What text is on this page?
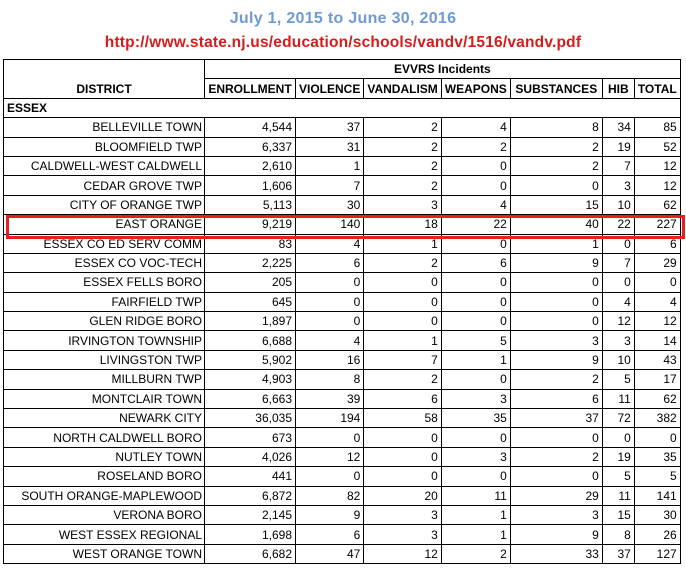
July 1, 2015 to June 30, 2016
http://www.state.nj.us/education/schools/vandv/1516/vandv.pdf
DISTRICT	EVVRS Incidents						
	ENROLLMENT	VIOLENCE	VANDALISM	WEAPONS	SUBSTANCES	HIB	TOTAL
ESSEX							
BELLEVILLE TOWN	4,544	37	2	4	8	34	85
BLOOMFIELD TWP	6,337	31	2	2	2	19	52
CALDWELL-WEST CALDWELL	2,610	1	2	0	2	7	12
CEDAR GROVE TWP	1,606	7	2	0	0	3	12
CITY OF ORANGE TWP	5,113	30	3	4	15	10	62
EAST ORANGE	9,219	140	18	22	40	22	227
ESSEX CO ED SERV COMM	83	4	1	0	1	0	6
ESSEX CO VOC-TECH	2,225	6	2	6	9	7	29
ESSEX FELLS BORO	205	0	0	0	0	0	0
FAIRFIELD TWP	645	0	0	0	0	4	4
GLEN RIDGE BORO	1,897	0	0	0	0	12	12
IRVINGTON TOWNSHIP	6,688	4	1	5	3	3	14
LIVINGSTON TWP	5,902	16	7	1	9	10	43
MILLBURN TWP	4,903	8	2	0	2	5	17
MONTCLAIR TOWN	6,663	39	6	3	6	11	62
NEWARK CITY	36,035	194	58	35	37	72	382
NORTH CALDWELL BORO	673	0	0	0	0	0	0
NUTLEY TOWN	4,026	12	0	3	2	19	35
ROSELAND BORO	441	0	0	0	0	5	5
SOUTH ORANGE-MAPLEWOOD	6,872	82	20	11	29	11	141
VERONA BORO	2,145	9	3	1	3	15	30
WEST ESSEX REGIONAL	1,698	6	3	1	9	8	26
WEST ORANGE TOWN	6,682	47	12	2	33	37	127
